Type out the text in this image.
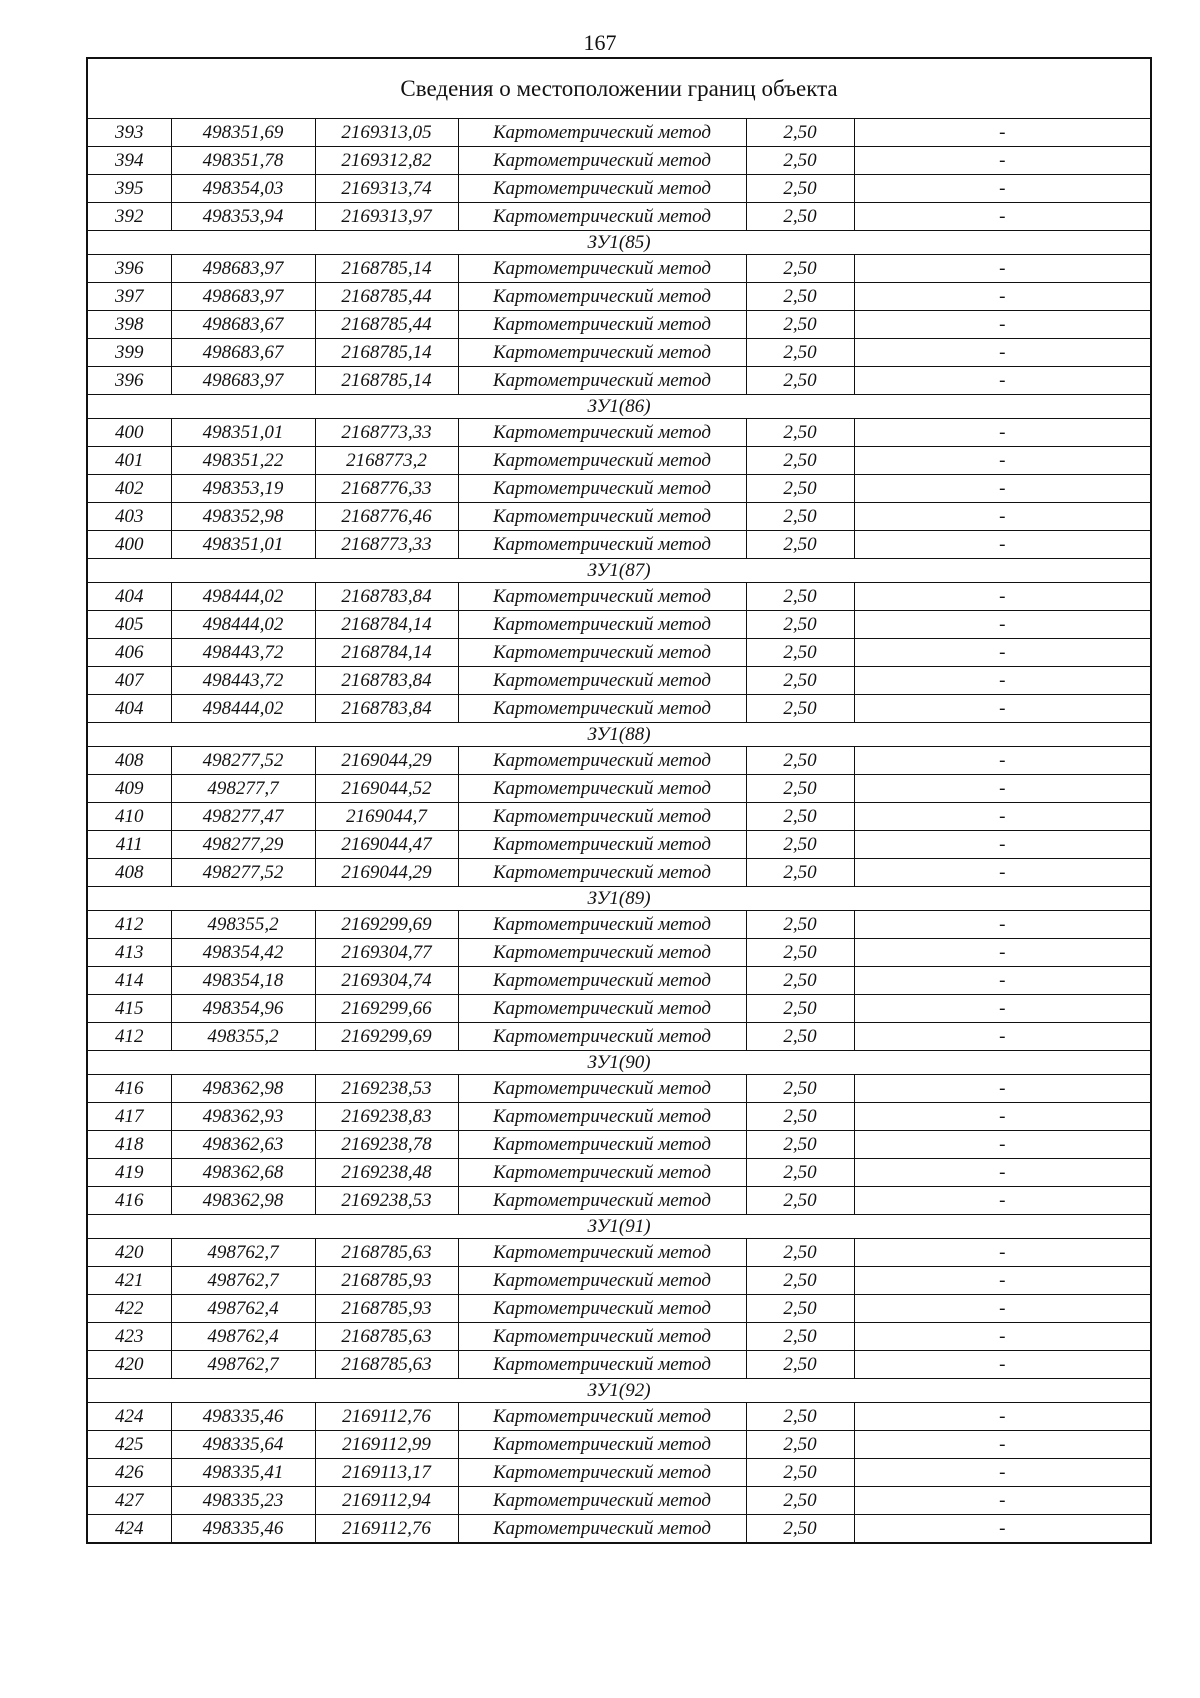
167
Сведения о местоположении границ объекта					
393	498351,69	2169313,05	Картометрический метод	2,50	-
394	498351,78	2169312,82	Картометрический метод	2,50	-
395	498354,03	2169313,74	Картометрический метод	2,50	-
392	498353,94	2169313,97	Картометрический метод	2,50	-
ЗУ1(85)					
396	498683,97	2168785,14	Картометрический метод	2,50	-
397	498683,97	2168785,44	Картометрический метод	2,50	-
398	498683,67	2168785,44	Картометрический метод	2,50	-
399	498683,67	2168785,14	Картометрический метод	2,50	-
396	498683,97	2168785,14	Картометрический метод	2,50	-
ЗУ1(86)					
400	498351,01	2168773,33	Картометрический метод	2,50	-
401	498351,22	2168773,2	Картометрический метод	2,50	-
402	498353,19	2168776,33	Картометрический метод	2,50	-
403	498352,98	2168776,46	Картометрический метод	2,50	-
400	498351,01	2168773,33	Картометрический метод	2,50	-
ЗУ1(87)					
404	498444,02	2168783,84	Картометрический метод	2,50	-
405	498444,02	2168784,14	Картометрический метод	2,50	-
406	498443,72	2168784,14	Картометрический метод	2,50	-
407	498443,72	2168783,84	Картометрический метод	2,50	-
404	498444,02	2168783,84	Картометрический метод	2,50	-
ЗУ1(88)					
408	498277,52	2169044,29	Картометрический метод	2,50	-
409	498277,7	2169044,52	Картометрический метод	2,50	-
410	498277,47	2169044,7	Картометрический метод	2,50	-
411	498277,29	2169044,47	Картометрический метод	2,50	-
408	498277,52	2169044,29	Картометрический метод	2,50	-
ЗУ1(89)					
412	498355,2	2169299,69	Картометрический метод	2,50	-
413	498354,42	2169304,77	Картометрический метод	2,50	-
414	498354,18	2169304,74	Картометрический метод	2,50	-
415	498354,96	2169299,66	Картометрический метод	2,50	-
412	498355,2	2169299,69	Картометрический метод	2,50	-
ЗУ1(90)					
416	498362,98	2169238,53	Картометрический метод	2,50	-
417	498362,93	2169238,83	Картометрический метод	2,50	-
418	498362,63	2169238,78	Картометрический метод	2,50	-
419	498362,68	2169238,48	Картометрический метод	2,50	-
416	498362,98	2169238,53	Картометрический метод	2,50	-
ЗУ1(91)					
420	498762,7	2168785,63	Картометрический метод	2,50	-
421	498762,7	2168785,93	Картометрический метод	2,50	-
422	498762,4	2168785,93	Картометрический метод	2,50	-
423	498762,4	2168785,63	Картометрический метод	2,50	-
420	498762,7	2168785,63	Картометрический метод	2,50	-
ЗУ1(92)					
424	498335,46	2169112,76	Картометрический метод	2,50	-
425	498335,64	2169112,99	Картометрический метод	2,50	-
426	498335,41	2169113,17	Картометрический метод	2,50	-
427	498335,23	2169112,94	Картометрический метод	2,50	-
424	498335,46	2169112,76	Картометрический метод	2,50	-
